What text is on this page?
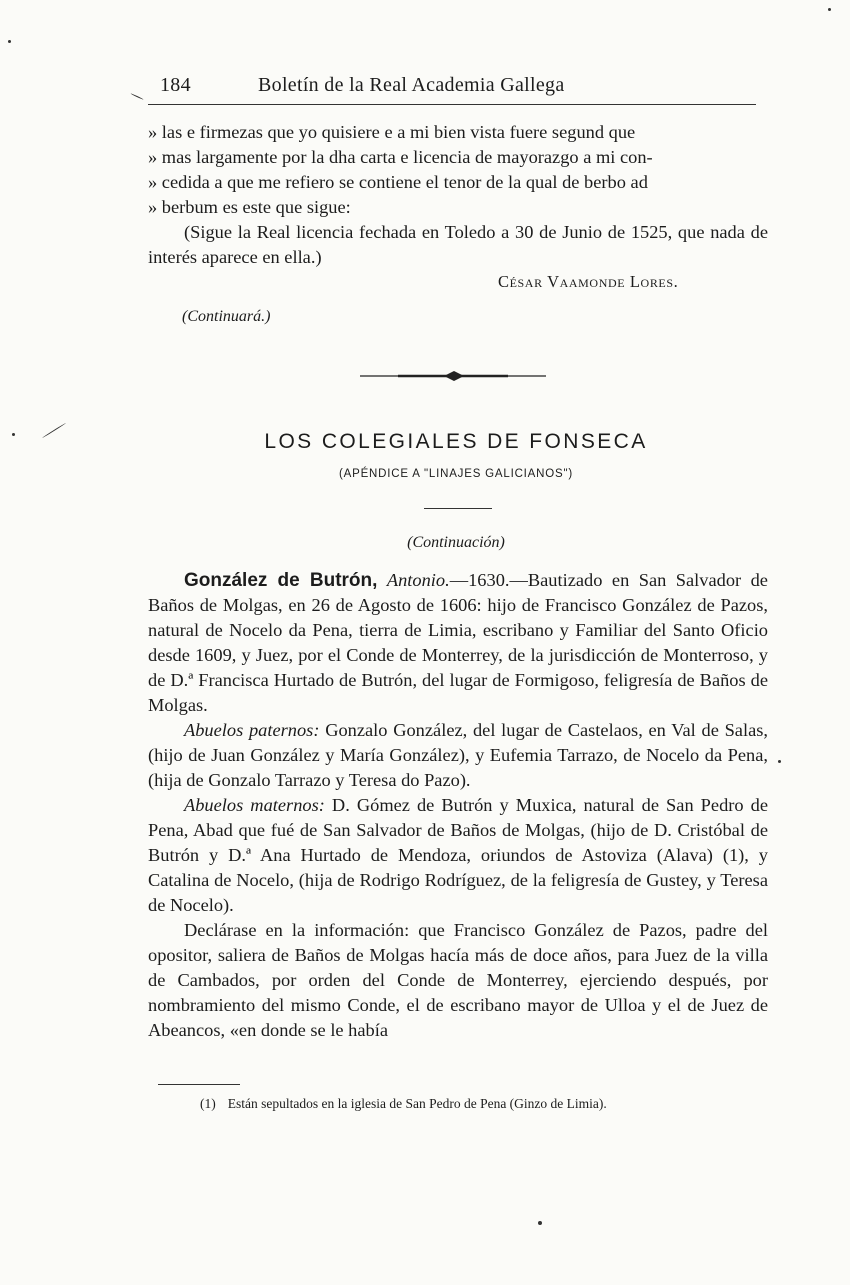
184	Boletín de la Real Academia Gallega
» las e firmezas que yo quisiere e a mi bien vista fuere segund que
» mas largamente por la dha carta e licencia de mayorazgo a mi con-
» cedida a que me refiero se contiene el tenor de la qual de berbo ad
» berbum es este que sigue:
(Sigue la Real licencia fechada en Toledo a 30 de Junio de 1525, que nada de interés aparece en ella.)
César Vaamonde Lores.
(Continuará.)
LOS COLEGIALES DE FONSECA
(APÉNDICE A "LINAJES GALICIANOS")
(Continuación)

González de Butrón, Antonio.—1630.—Bautizado en San Salvador de Baños de Molgas, en 26 de Agosto de 1606: hijo de Francisco González de Pazos, natural de Nocelo da Pena, tierra de Limia, escribano y Familiar del Santo Oficio desde 1609, y Juez, por el Conde de Monterrey, de la jurisdicción de Monterroso, y de D.ª Francisca Hurtado de Butrón, del lugar de Formigoso, feligresía de Baños de Molgas.

Abuelos paternos: Gonzalo González, del lugar de Castelaos, en Val de Salas, (hijo de Juan González y María González), y Eufemia Tarrazo, de Nocelo da Pena, (hija de Gonzalo Tarrazo y Teresa do Pazo).

Abuelos maternos: D. Gómez de Butrón y Muxica, natural de San Pedro de Pena, Abad que fué de San Salvador de Baños de Molgas, (hijo de D. Cristóbal de Butrón y D.ª Ana Hurtado de Mendoza, oriundos de Astoviza (Alava) (1), y Catalina de Nocelo, (hija de Rodrigo Rodríguez, de la feligresía de Gustey, y Teresa de Nocelo).

Declárase en la información: que Francisco González de Pazos, padre del opositor, saliera de Baños de Molgas hacía más de doce años, para Juez de la villa de Cambados, por orden del Conde de Monterrey, ejerciendo después, por nombramiento del mismo Conde, el de escribano mayor de Ulloa y el de Juez de Abeancos, «en donde se le había

(1) Están sepultados en la iglesia de San Pedro de Pena (Ginzo de Limia).
